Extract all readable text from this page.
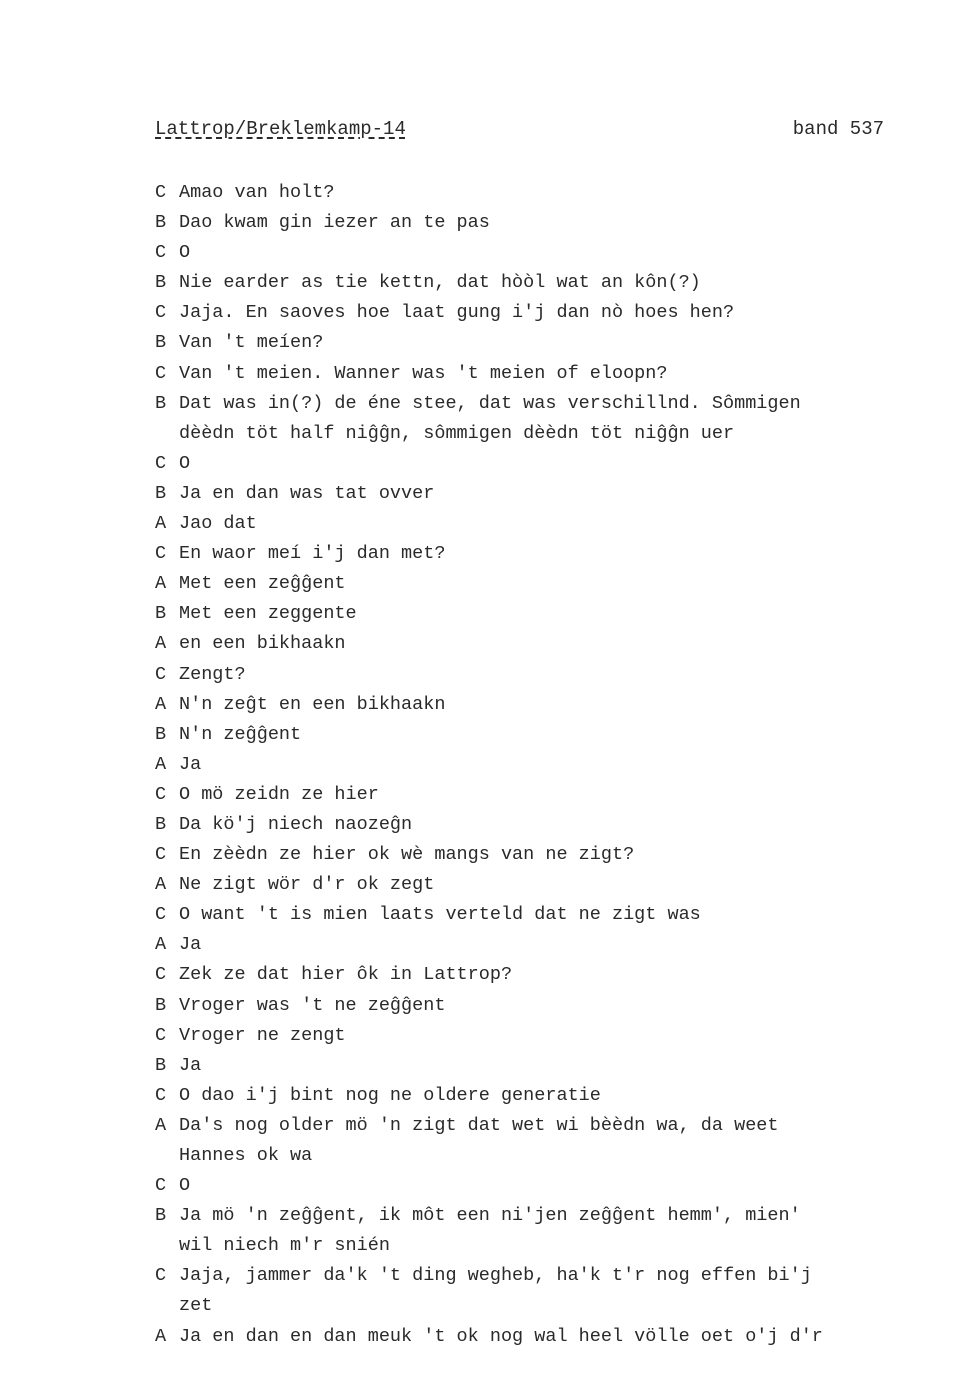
Lattrop/Breklemkamp-14	band 537
C Amao van holt?
B Dao kwam gin iezer an te pas
C O
B Nie earder as tie kettn, dat hòòl wat an kôn(?)
C Jaja. En saoves hoe laat gung i'j dan nò hoes hen?
B Van 't meíen?
C Van 't meien. Wanner was 't meien of eloopn?
B Dat was in(?) de éne stee, dat was verschillnd. Sômmigen
dèèdn töt half niĝĝn, sômmigen dèèdn töt niĝĝn uer
C O
B Ja en dan was tat ovver
A Jao dat
C En waor meí i'j dan met?
A Met een zeĝĝent
B Met een zeggente
A en een bikhaakn
C Zengt?
A N'n zeĝt en een bikhaakn
B N'n zeĝĝent
A Ja
C O mö zeidn ze hier
B Da kö'j niech naozeĝn
C En zèèdn ze hier ok wè mangs van ne zigt?
A Ne zigt wör d'r ok zegt
C O want 't is mien laats verteld dat ne zigt was
A Ja
C Zek ze dat hier ôk in Lattrop?
B Vroger was 't ne zeĝĝent
C Vroger ne zengt
B Ja
C O dao i'j bint nog ne oldere generatie
A Da's nog older mö 'n zigt dat wet wi bèèdn wa, da weet
Hannes ok wa
C O
B Ja mö 'n zeĝĝent, ik môt een ni'jen zeĝĝent hemm', mien'
wil niech m'r snién
C Jaja, jammer da'k 't ding wegheb, ha'k t'r nog effen bi'j
zet
A Ja en dan en dan meuk 't ok nog wal heel völle oet o'j d'r
